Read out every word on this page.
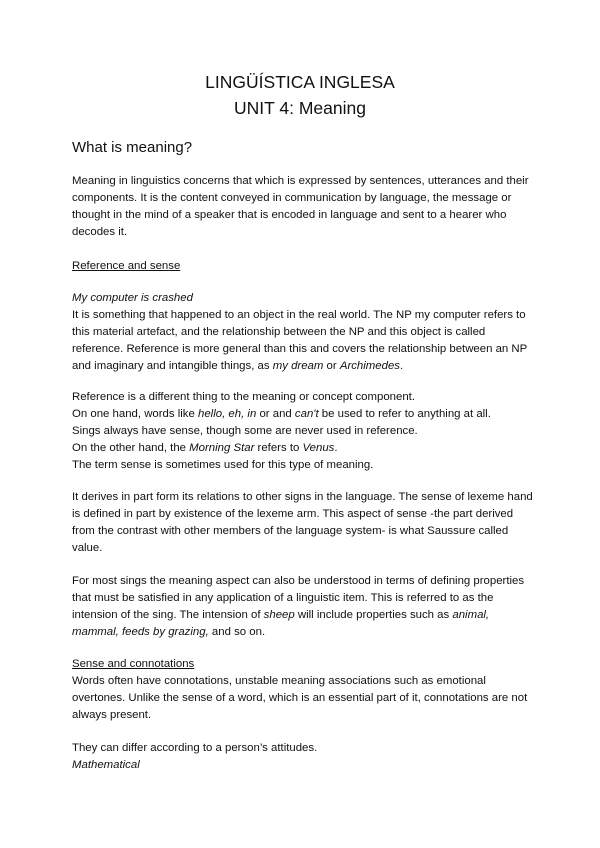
LINGÜÍSTICA INGLESA
UNIT 4: Meaning

What is meaning?

Meaning in linguistics concerns that which is expressed by sentences, utterances and their components. It is the content conveyed in communication by language, the message or thought in the mind of a speaker that is encoded in language and sent to a hearer who decodes it.

Reference and sense

My computer is crashed

It is something that happened to an object in the real world. The NP my computer refers to this material artefact, and the relationship between the NP and this object is called reference. Reference is more general than this and covers the relationship between an NP and imaginary and intangible things, as my dream or Archimedes.

Reference is a different thing to the meaning or concept component.
On one hand, words like hello, eh, in or and can't be used to refer to anything at all.
Sings always have sense, though some are never used in reference.
On the other hand, the Morning Star refers to Venus.
The term sense is sometimes used for this type of meaning.

It derives in part form its relations to other signs in the language. The sense of lexeme hand is defined in part by existence of the lexeme arm. This aspect of sense -the part derived from the contrast with other members of the language system- is what Saussure called value.

For most sings the meaning aspect can also be understood in terms of defining properties that must be satisfied in any application of a linguistic item. This is referred to as the intension of the sing. The intension of sheep will include properties such as animal, mammal, feeds by grazing, and so on.

Sense and connotations

Words often have connotations, unstable meaning associations such as emotional overtones. Unlike the sense of a word, which is an essential part of it, connotations are not always present.

They can differ according to a person’s attitudes.

Mathematical
